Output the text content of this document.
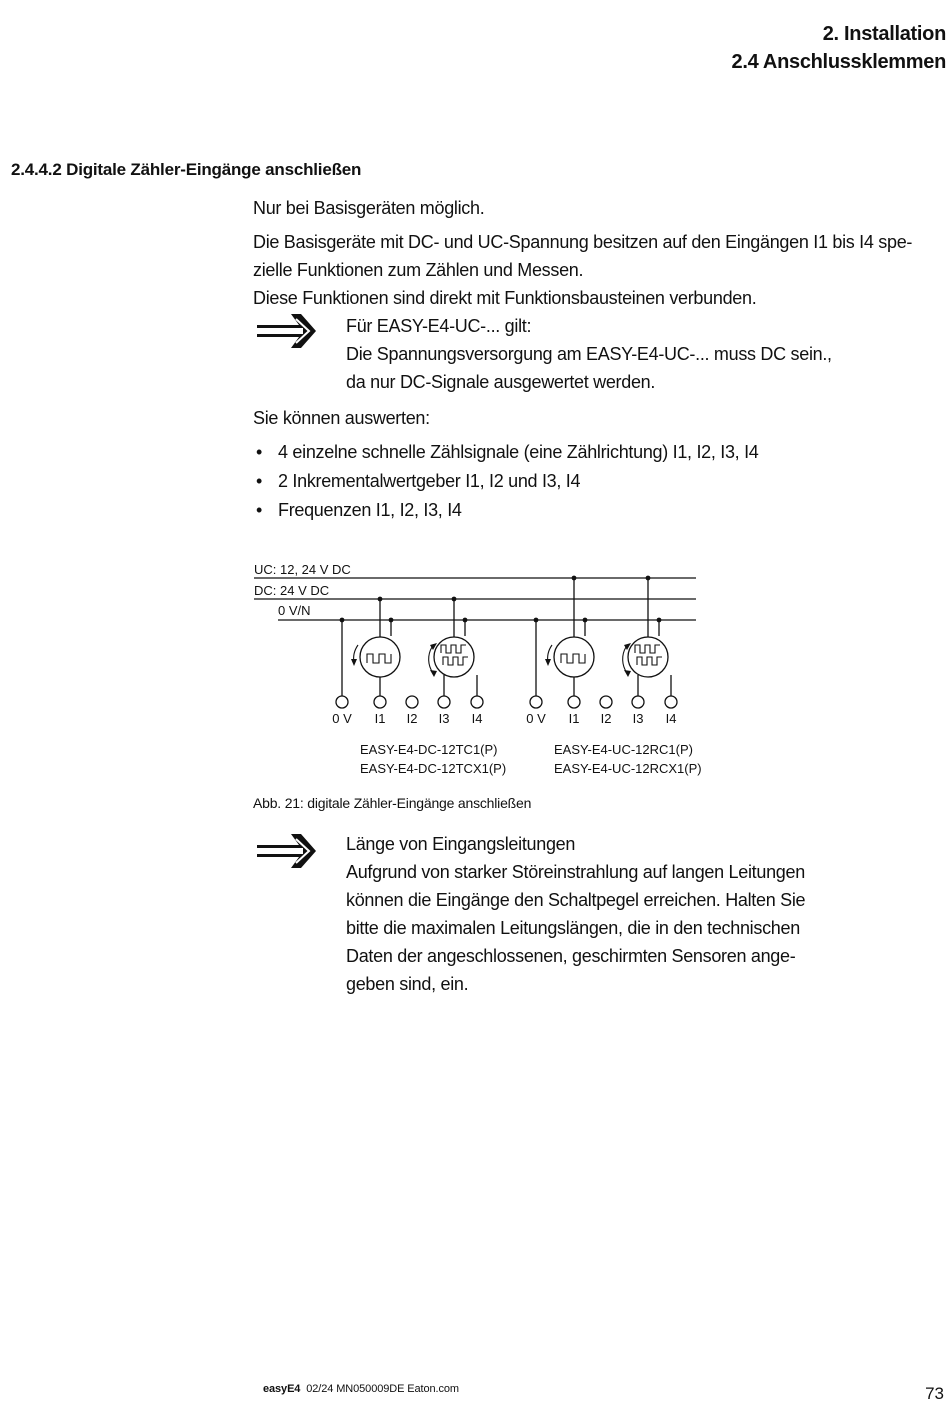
2. Installation
2.4 Anschlussklemmen
2.4.4.2 Digitale Zähler-Eingänge anschließen
Nur bei Basisgeräten möglich.
Die Basisgeräte mit DC- und UC-Spannung besitzen auf den Eingängen I1 bis I4 spe-
zielle Funktionen zum Zählen und Messen.
Diese Funktionen sind direkt mit Funktionsbausteinen verbunden.
Für EASY-E4-UC-... gilt:
Die Spannungsversorgung am EASY-E4-UC-... muss DC sein.,
da nur DC-Signale ausgewertet werden.
Sie können auswerten:
• 4 einzelne schnelle Zählsignale (eine Zählrichtung) I1, I2, I3, I4
• 2 Inkrementalwertgeber I1, I2 und I3, I4
• Frequenzen I1, I2, I3, I4
UC: 12, 24 V DC
DC: 24 V DC
0 V/N
0 V I1 I2 I3 I4	0 V I1 I2 I3 I4
EASY-E4-DC-12TC1(P)
EASY-E4-DC-12TCX1(P)
EASY-E4-UC-12RC1(P)
EASY-E4-UC-12RCX1(P)
Abb. 21: digitale Zähler-Eingänge anschließen
Länge von Eingangsleitungen
Aufgrund von starker Störeinstrahlung auf langen Leitungen
können die Eingänge den Schaltpegel erreichen. Halten Sie
bitte die maximalen Leitungslängen, die in den technischen
Daten der angeschlossenen, geschirmten Sensoren ange-
geben sind, ein.
easyE4 02/24 MN050009DE Eaton.com	73
